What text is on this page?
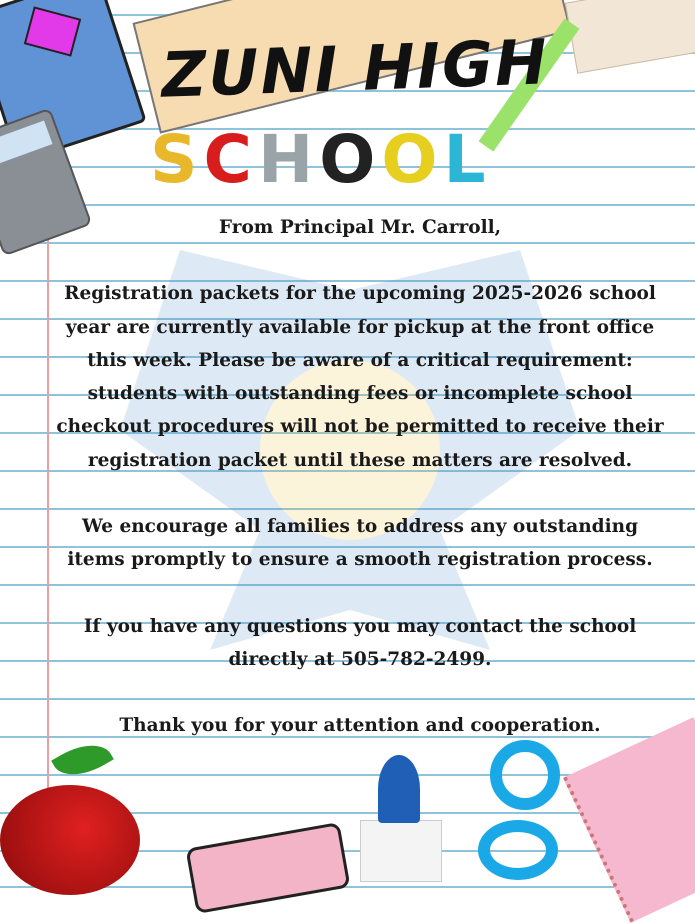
ZUNI HIGH
S C H O O L

From Principal Mr. Carroll,

Registration packets for the upcoming 2025-2026 school year are currently available for pickup at the front office this week. Please be aware of a critical requirement: students with outstanding fees or incomplete school checkout procedures will not be permitted to receive their registration packet until these matters are resolved.

We encourage all families to address any outstanding items promptly to ensure a smooth registration process.

If you have any questions you may contact the school directly at 505-782-2499.

Thank you for your attention and cooperation.
